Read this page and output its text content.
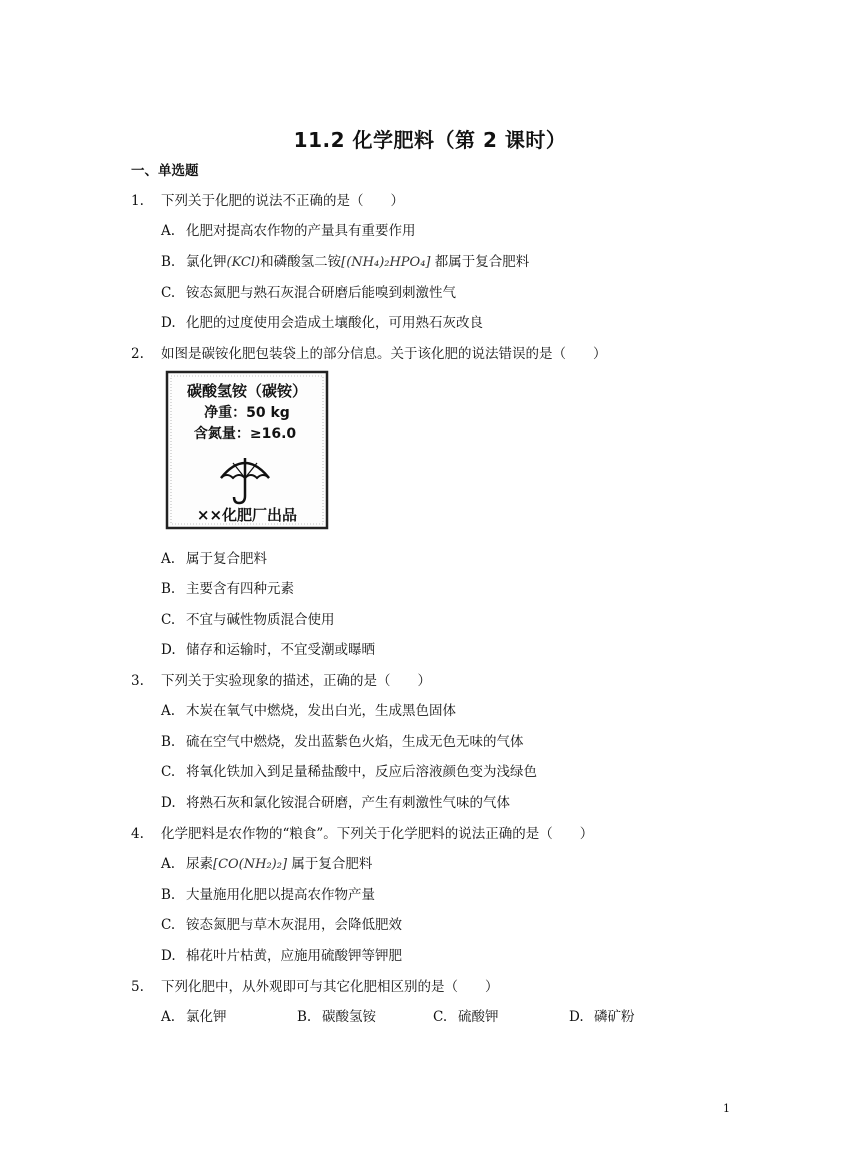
11.2 化学肥料（第 2 课时）
一、单选题
1. 下列关于化肥的说法不正确的是（　　）
A. 化肥对提高农作物的产量具有重要作用
B. 氯化钾(KCl)和磷酸氢二铵[(NH₄)₂HPO₄] 都属于复合肥料
C. 铵态氮肥与熟石灰混合研磨后能嗅到刺激性气
D. 化肥的过度使用会造成土壤酸化，可用熟石灰改良
2. 如图是碳铵化肥包装袋上的部分信息。关于该化肥的说法错误的是（　　）
碳酸氢铵（碳铵）
净重：50 kg
含氮量：≥16.0
××化肥厂出品
A. 属于复合肥料
B. 主要含有四种元素
C. 不宜与碱性物质混合使用
D. 储存和运输时，不宜受潮或曝晒
3. 下列关于实验现象的描述，正确的是（　　）
A. 木炭在氧气中燃烧，发出白光，生成黑色固体
B. 硫在空气中燃烧，发出蓝紫色火焰，生成无色无味的气体
C. 将氧化铁加入到足量稀盐酸中，反应后溶液颜色变为浅绿色
D. 将熟石灰和氯化铵混合研磨，产生有刺激性气味的气体
4. 化学肥料是农作物的“粮食”。下列关于化学肥料的说法正确的是（　　）
A. 尿素[CO(NH₂)₂] 属于复合肥料
B. 大量施用化肥以提高农作物产量
C. 铵态氮肥与草木灰混用，会降低肥效
D. 棉花叶片枯黄，应施用硫酸钾等钾肥
5. 下列化肥中，从外观即可与其它化肥相区别的是（　　）
A. 氯化钾	B. 碳酸氢铵	C. 硫酸钾	D. 磷矿粉
1
